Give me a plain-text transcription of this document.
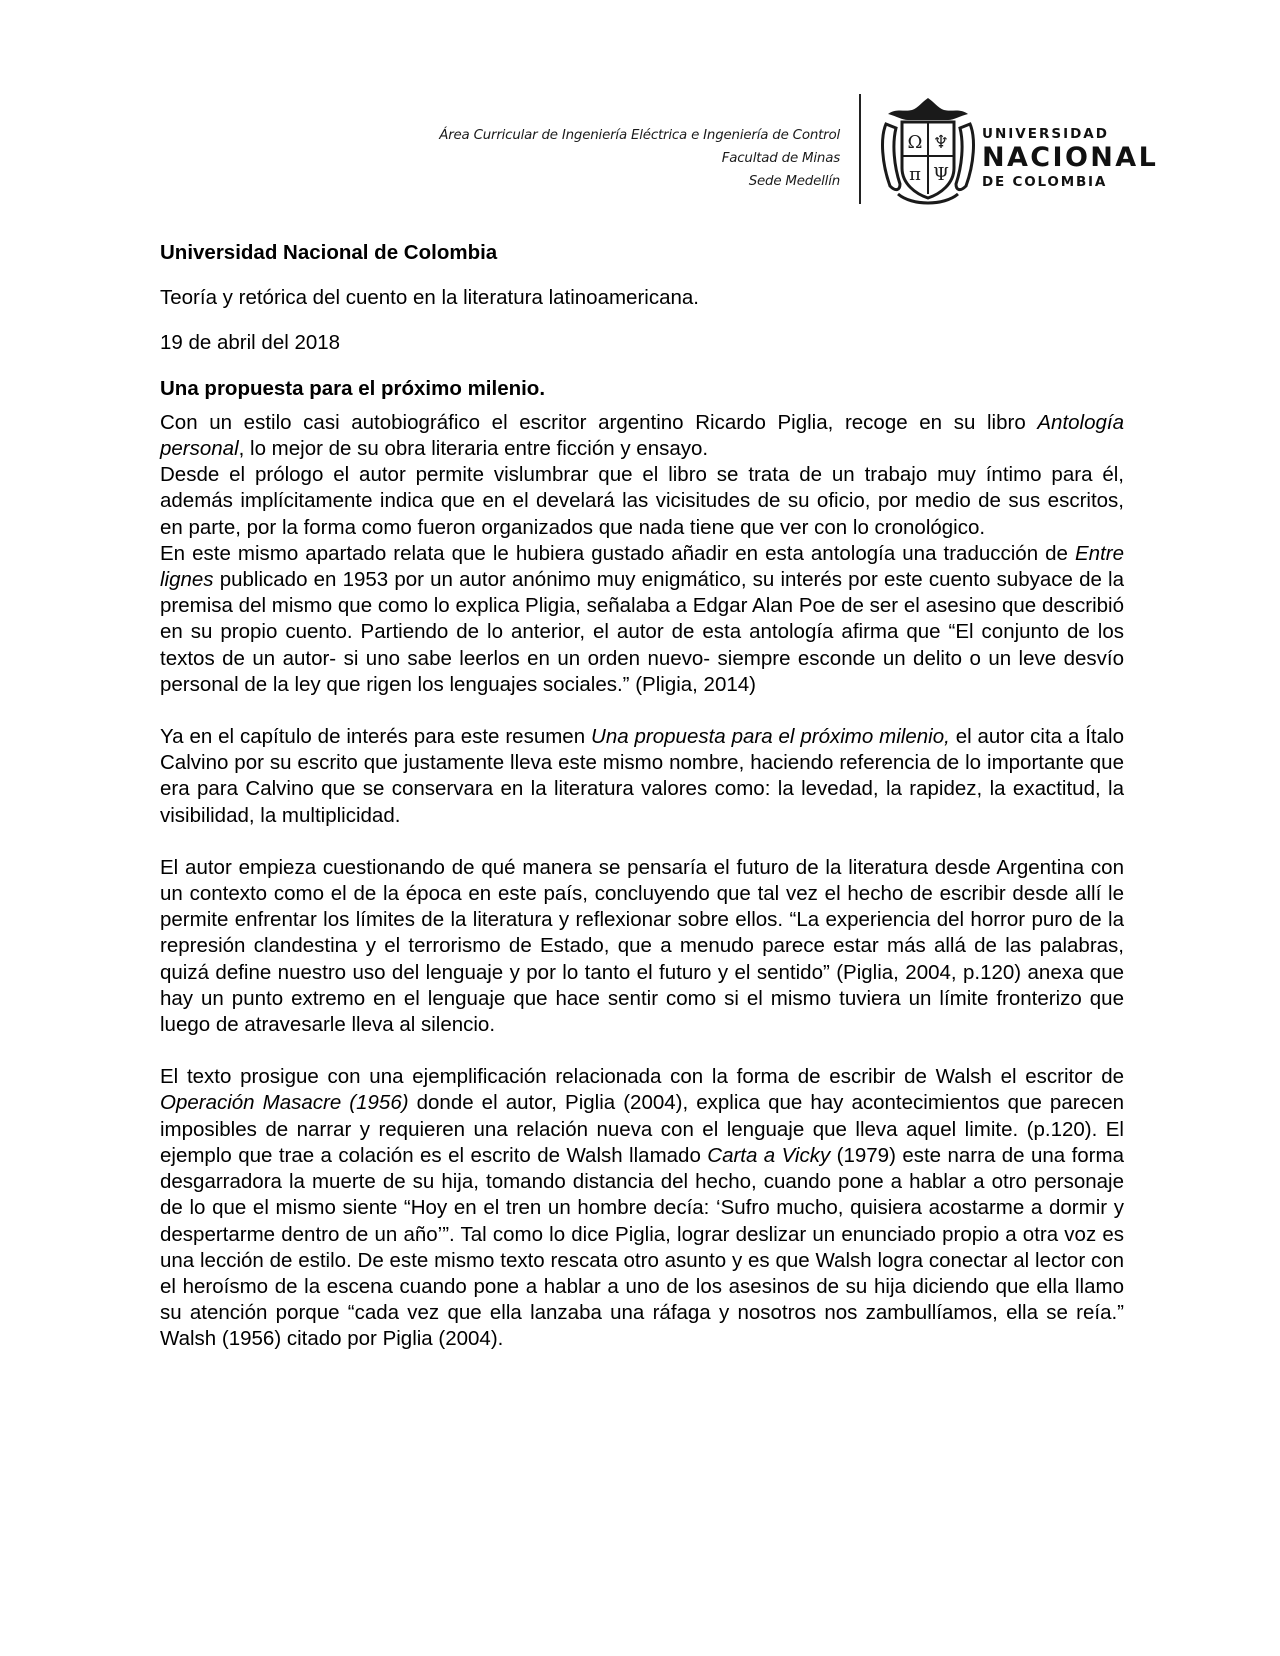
Área Curricular de Ingeniería Eléctrica e Ingeniería de Control
Facultad de Minas
Sede Medellín
Ω ♆
π Ψ
UNIVERSIDAD
NACIONAL
DE COLOMBIA

Universidad Nacional de Colombia

Teoría y retórica del cuento en la literatura latinoamericana.

19 de abril del 2018

Una propuesta para el próximo milenio.

Con un estilo casi autobiográfico el escritor argentino Ricardo Piglia, recoge en su libro Antología personal, lo mejor de su obra literaria entre ficción y ensayo.

Desde el prólogo el autor permite vislumbrar que el libro se trata de un trabajo muy íntimo para él, además implícitamente indica que en el develará las vicisitudes de su oficio, por medio de sus escritos, en parte, por la forma como fueron organizados que nada tiene que ver con lo cronológico.

En este mismo apartado relata que le hubiera gustado añadir en esta antología una traducción de Entre lignes publicado en 1953 por un autor anónimo muy enigmático, su interés por este cuento subyace de la premisa del mismo que como lo explica Pligia, señalaba a Edgar Alan Poe de ser el asesino que describió en su propio cuento. Partiendo de lo anterior, el autor de esta antología afirma que “El conjunto de los textos de un autor- si uno sabe leerlos en un orden nuevo- siempre esconde un delito o un leve desvío personal de la ley que rigen los lenguajes sociales.” (Pligia, 2014)

Ya en el capítulo de interés para este resumen Una propuesta para el próximo milenio, el autor cita a Ítalo Calvino por su escrito que justamente lleva este mismo nombre, haciendo referencia de lo importante que era para Calvino que se conservara en la literatura valores como: la levedad, la rapidez, la exactitud, la visibilidad, la multiplicidad.

El autor empieza cuestionando de qué manera se pensaría el futuro de la literatura desde Argentina con un contexto como el de la época en este país, concluyendo que tal vez el hecho de escribir desde allí le permite enfrentar los límites de la literatura y reflexionar sobre ellos. “La experiencia del horror puro de la represión clandestina y el terrorismo de Estado, que a menudo parece estar más allá de las palabras, quizá define nuestro uso del lenguaje y por lo tanto el futuro y el sentido” (Piglia, 2004, p.120) anexa que hay un punto extremo en el lenguaje que hace sentir como si el mismo tuviera un límite fronterizo que luego de atravesarle lleva al silencio.

El texto prosigue con una ejemplificación relacionada con la forma de escribir de Walsh el escritor de Operación Masacre (1956) donde el autor, Piglia (2004), explica que hay acontecimientos que parecen imposibles de narrar y requieren una relación nueva con el lenguaje que lleva aquel limite. (p.120). El ejemplo que trae a colación es el escrito de Walsh llamado Carta a Vicky (1979) este narra de una forma desgarradora la muerte de su hija, tomando distancia del hecho, cuando pone a hablar a otro personaje de lo que el mismo siente “Hoy en el tren un hombre decía: ‘Sufro mucho, quisiera acostarme a dormir y despertarme dentro de un año’”. Tal como lo dice Piglia, lograr deslizar un enunciado propio a otra voz es una lección de estilo. De este mismo texto rescata otro asunto y es que Walsh logra conectar al lector con el heroísmo de la escena cuando pone a hablar a uno de los asesinos de su hija diciendo que ella llamo su atención porque “cada vez que ella lanzaba una ráfaga y nosotros nos zambullíamos, ella se reía.” Walsh (1956) citado por Piglia (2004).
